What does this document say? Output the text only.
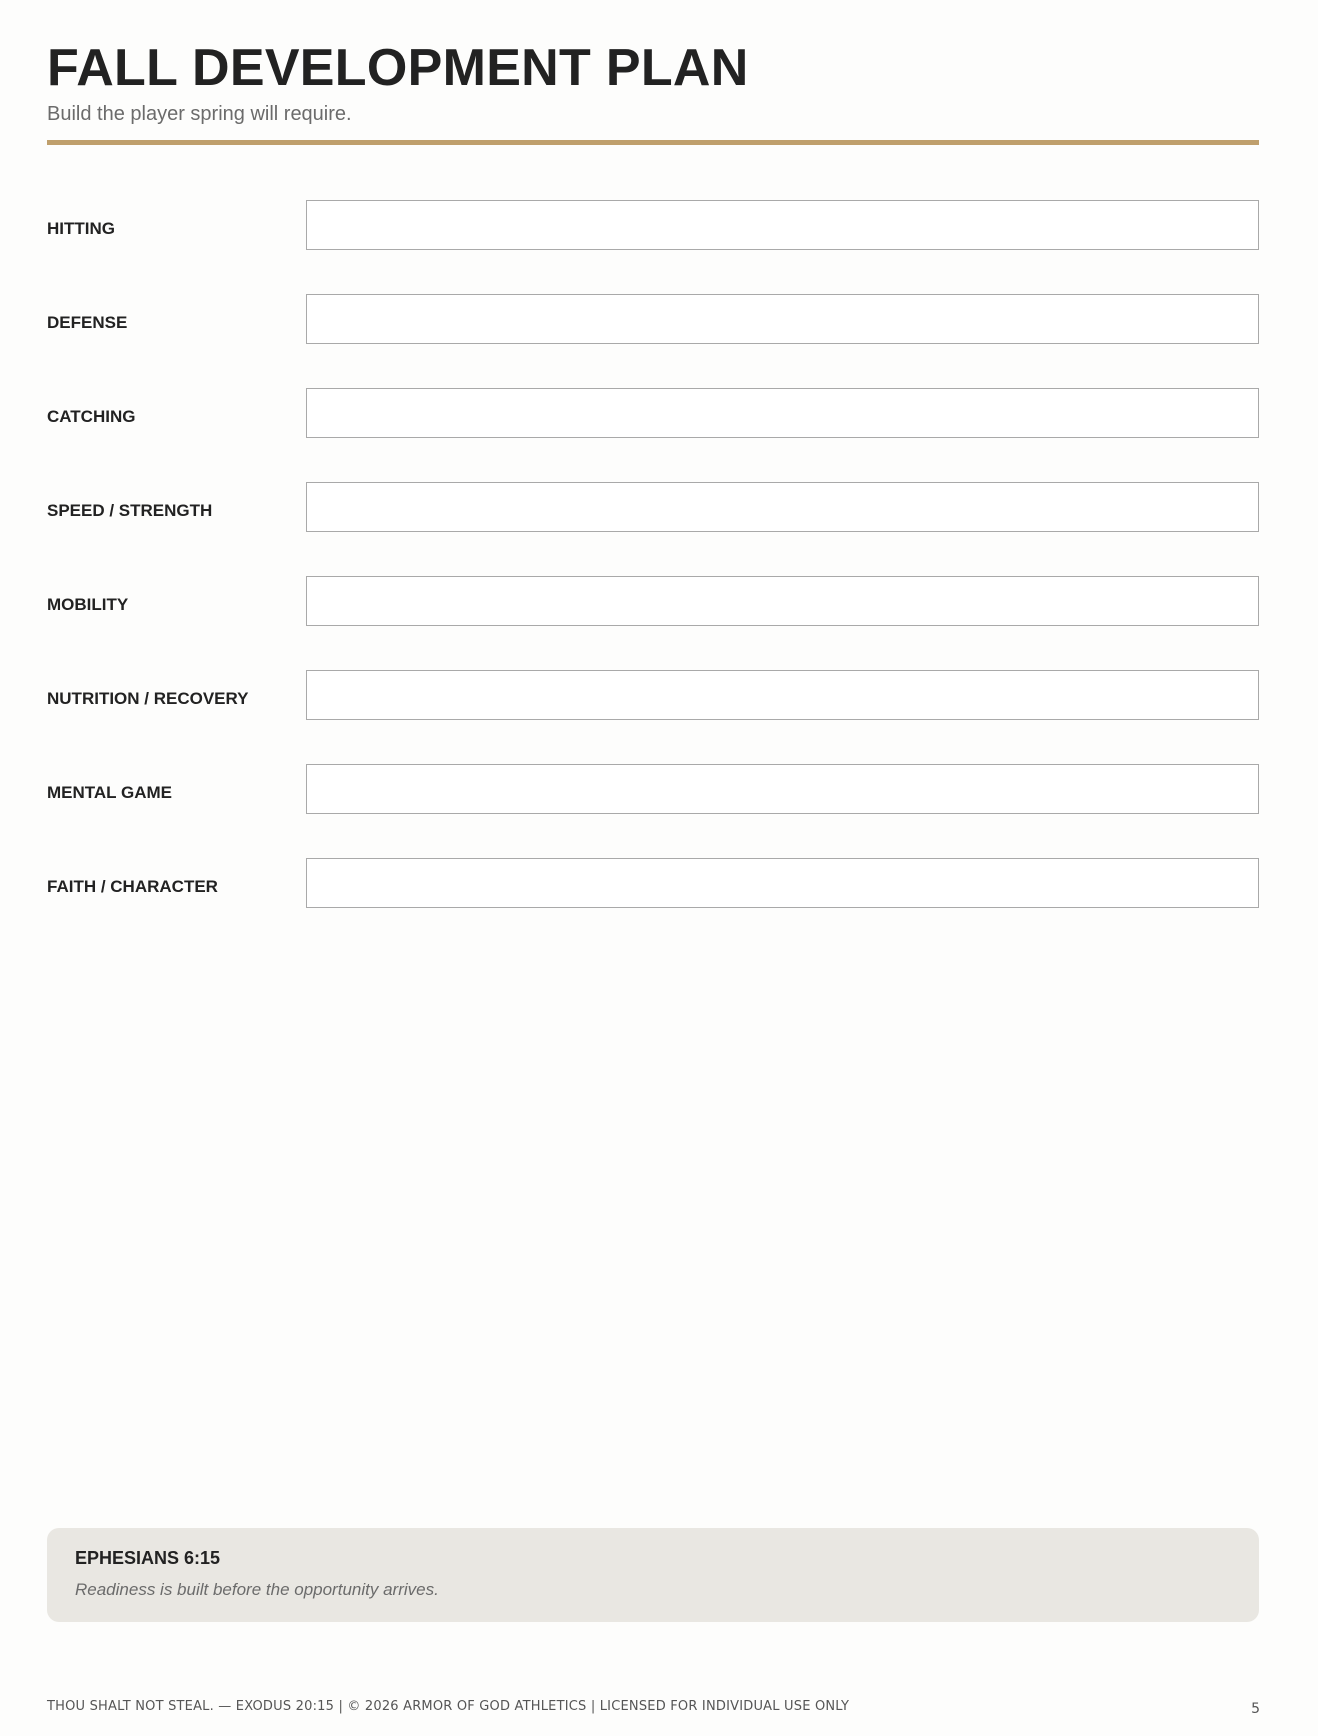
FALL DEVELOPMENT PLAN

Build the player spring will require.

HITTING
DEFENSE
CATCHING
SPEED / STRENGTH
MOBILITY
NUTRITION / RECOVERY
MENTAL GAME
FAITH / CHARACTER
EPHESIANS 6:15
Readiness is built before the opportunity arrives.
THOU SHALT NOT STEAL. — EXODUS 20:15 | © 2026 ARMOR OF GOD ATHLETICS | LICENSED FOR INDIVIDUAL USE ONLY	5
